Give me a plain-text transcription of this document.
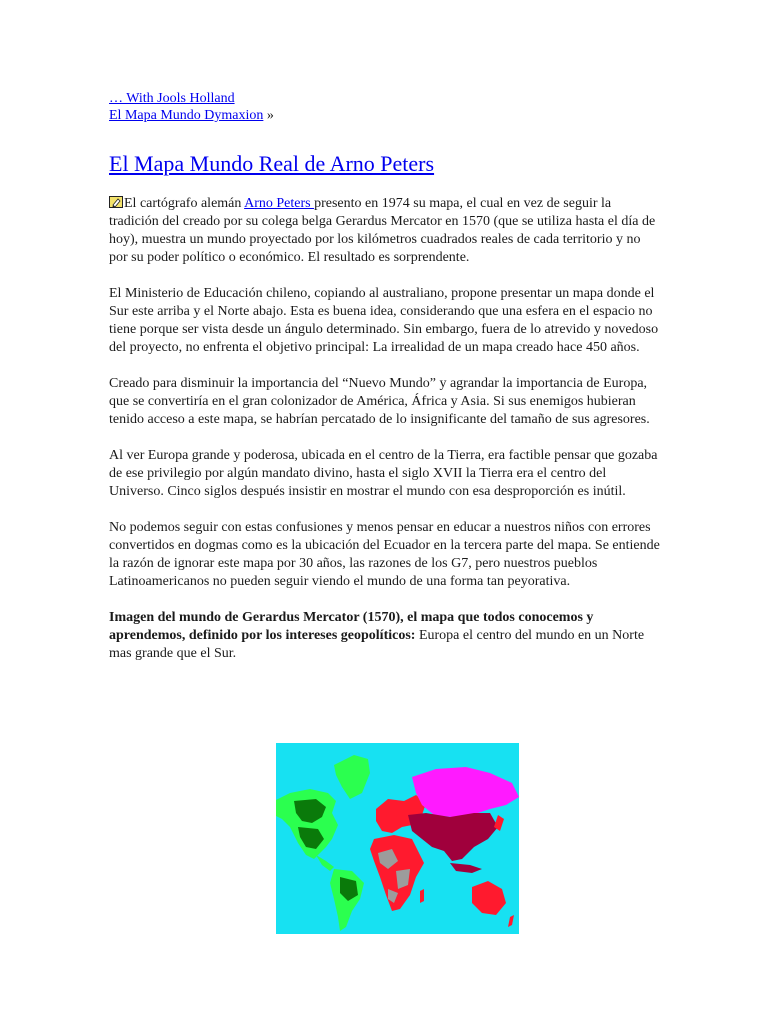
… With Jools Holland
El Mapa Mundo Dymaxion »
El Mapa Mundo Real de Arno Peters

El cartógrafo alemán Arno Peters presento en 1974 su mapa, el cual en vez de seguir la tradición del creado por su colega belga Gerardus Mercator en 1570 (que se utiliza hasta el día de hoy), muestra un mundo proyectado por los kilómetros cuadrados reales de cada territorio y no por su poder político o económico. El resultado es sorprendente.

El Ministerio de Educación chileno, copiando al australiano, propone presentar un mapa donde el Sur este arriba y el Norte abajo. Esta es buena idea, considerando que una esfera en el espacio no tiene porque ser vista desde un ángulo determinado. Sin embargo, fuera de lo atrevido y novedoso del proyecto, no enfrenta el objetivo principal: La irrealidad de un mapa creado hace 450 años.

Creado para disminuir la importancia del “Nuevo Mundo” y agrandar la importancia de Europa, que se convertiría en el gran colonizador de América, África y Asia. Si sus enemigos hubieran tenido acceso a este mapa, se habrían percatado de lo insignificante del tamaño de sus agresores.

Al ver Europa grande y poderosa, ubicada en el centro de la Tierra, era factible pensar que gozaba de ese privilegio por algún mandato divino, hasta el siglo XVII la Tierra era el centro del Universo. Cinco siglos después insistir en mostrar el mundo con esa desproporción es inútil.

No podemos seguir con estas confusiones y menos pensar en educar a nuestros niños con errores convertidos en dogmas como es la ubicación del Ecuador en la tercera parte del mapa. Se entiende la razón de ignorar este mapa por 30 años, las razones de los G7, pero nuestros pueblos Latinoamericanos no pueden seguir viendo el mundo de una forma tan peyorativa.

Imagen del mundo de Gerardus Mercator (1570), el mapa que todos conocemos y aprendemos, definido por los intereses geopolíticos: Europa el centro del mundo en un Norte mas grande que el Sur.
